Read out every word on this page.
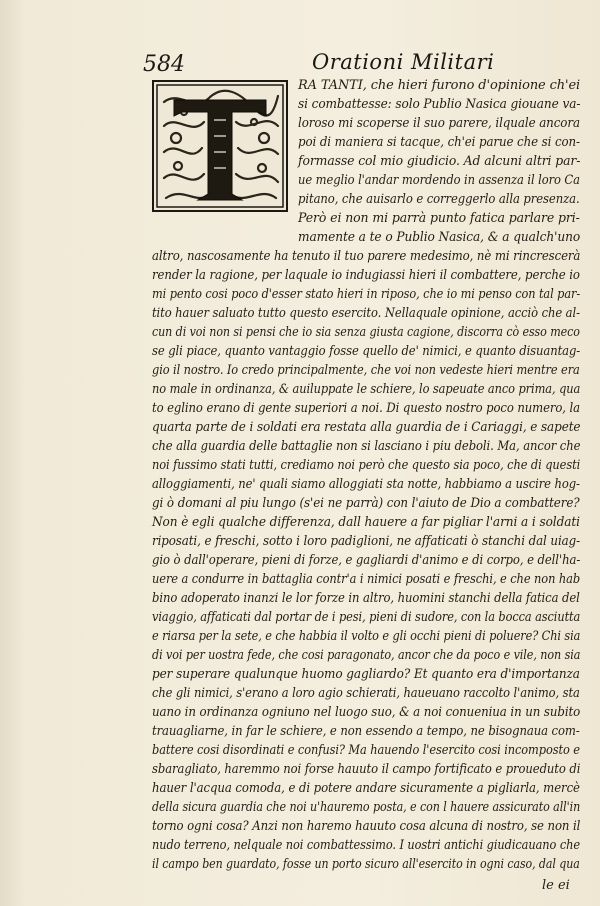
584	Orationi Militari
RA TANTI, che hieri furono d'opinione ch'ei
si combattesse: solo Publio Nasica giouane va-
loroso mi scoperse il suo parere, ilquale ancora
poi di maniera si tacque, ch'ei parue che si con-
formasse col mio giudicio. Ad alcuni altri par-
ue meglio l'andar mordendo in assenza il loro Ca
pitano, che auisarlo e correggerlo alla presenza.
Però ei non mi parrà punto fatica parlare pri-
mamente a te o Publio Nasica, & a qualch'uno
altro, nascosamente ha tenuto il tuo parere medesimo, nè mi rincrescerà
render la ragione, per laquale io indugiassi hieri il combattere, perche io
mi pento cosi poco d'esser stato hieri in riposo, che io mi penso con tal par-
tito hauer saluato tutto questo esercito. Nellaquale opinione, acciò che al-
cun di voi non si pensi che io sia senza giusta cagione, discorra cò esso meco
se gli piace, quanto vantaggio fosse quello de' nimici, e quanto disuantag-
gio il nostro. Io credo principalmente, che voi non vedeste hieri mentre era
no male in ordinanza, & auiluppate le schiere, lo sapeuate anco prima, qua
to eglino erano di gente superiori a noi. Di questo nostro poco numero, la
quarta parte de i soldati era restata alla guardia de i Cariaggi, e sapete
che alla guardia delle battaglie non si lasciano i piu deboli. Ma, ancor che
noi fussimo stati tutti, crediamo noi però che questo sia poco, che di questi
alloggiamenti, ne' quali siamo alloggiati sta notte, habbiamo a uscire hog-
gi ò domani al piu lungo (s'ei ne parrà) con l'aiuto de Dio a combattere?
Non è egli qualche differenza, dall hauere a far pigliar l'arni a i soldati
riposati, e freschi, sotto i loro padiglioni, ne affaticati ò stanchi dal uiag-
gio ò dall'operare, pieni di forze, e gagliardi d'animo e di corpo, e dell'ha-
uere a condurre in battaglia contr'a i nimici posati e freschi, e che non hab
bino adoperato inanzi le lor forze in altro, huomini stanchi della fatica del
viaggio, affaticati dal portar de i pesi, pieni di sudore, con la bocca asciutta
e riarsa per la sete, e che habbia il volto e gli occhi pieni di poluere? Chi sia
di voi per uostra fede, che cosi paragonato, ancor che da poco e vile, non sia
per superare qualunque huomo gagliardo? Et quanto era d'importanza
che gli nimici, s'erano a loro agio schierati, haueuano raccolto l'animo, sta
uano in ordinanza ogniuno nel luogo suo, & a noi conueniua in un subito
trauagliarne, in far le schiere, e non essendo a tempo, ne bisognaua com-
battere cosi disordinati e confusi? Ma hauendo l'esercito cosi incomposto e
sbaragliato, haremmo noi forse hauuto il campo fortificato e proueduto di
hauer l'acqua comoda, e di potere andare sicuramente a pigliarla, mercè
della sicura guardia che noi u'hauremo posta, e con l hauere assicurato all'in
torno ogni cosa? Anzi non haremo hauuto cosa alcuna di nostro, se non il
nudo terreno, nelquale noi combattessimo. I uostri antichi giudicauano che
il campo ben guardato, fosse un porto sicuro all'esercito in ogni caso, dal qua
le ei
